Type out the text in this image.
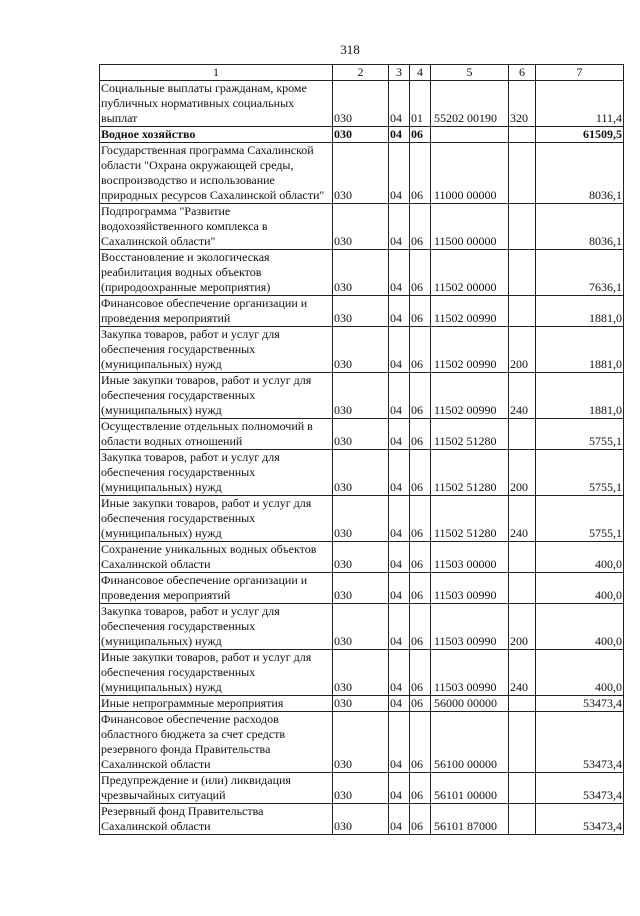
318
1	2	3	4	5	6	7
Социальные выплаты гражданам, кроме публичных нормативных социальных выплат	030	04	01	55202 00190	320	111,4
Водное хозяйство	030	04	06			61509,5
Государственная программа Сахалинской области "Охрана окружающей среды, воспроизводство и использование природных ресурсов Сахалинской области"	030	04	06	11000 00000		8036,1
Подпрограмма "Развитие водохозяйственного комплекса в Сахалинской области"	030	04	06	11500 00000		8036,1
Восстановление и экологическая реабилитация водных объектов (природоохранные мероприятия)	030	04	06	11502 00000		7636,1
Финансовое обеспечение организации и проведения мероприятий	030	04	06	11502 00990		1881,0
Закупка товаров, работ и услуг для обеспечения государственных (муниципальных) нужд	030	04	06	11502 00990	200	1881,0
Иные закупки товаров, работ и услуг для обеспечения государственных (муниципальных) нужд	030	04	06	11502 00990	240	1881,0
Осуществление отдельных полномочий в области водных отношений	030	04	06	11502 51280		5755,1
Закупка товаров, работ и услуг для обеспечения государственных (муниципальных) нужд	030	04	06	11502 51280	200	5755,1
Иные закупки товаров, работ и услуг для обеспечения государственных (муниципальных) нужд	030	04	06	11502 51280	240	5755,1
Сохранение уникальных водных объектов Сахалинской области	030	04	06	11503 00000		400,0
Финансовое обеспечение организации и проведения мероприятий	030	04	06	11503 00990		400,0
Закупка товаров, работ и услуг для обеспечения государственных (муниципальных) нужд	030	04	06	11503 00990	200	400,0
Иные закупки товаров, работ и услуг для обеспечения государственных (муниципальных) нужд	030	04	06	11503 00990	240	400,0
Иные непрограммные мероприятия	030	04	06	56000 00000		53473,4
Финансовое обеспечение расходов областного бюджета за счет средств резервного фонда Правительства Сахалинской области	030	04	06	56100 00000		53473,4
Предупреждение и (или) ликвидация чрезвычайных ситуаций	030	04	06	56101 00000		53473,4
Резервный фонд Правительства Сахалинской области	030	04	06	56101 87000		53473,4
